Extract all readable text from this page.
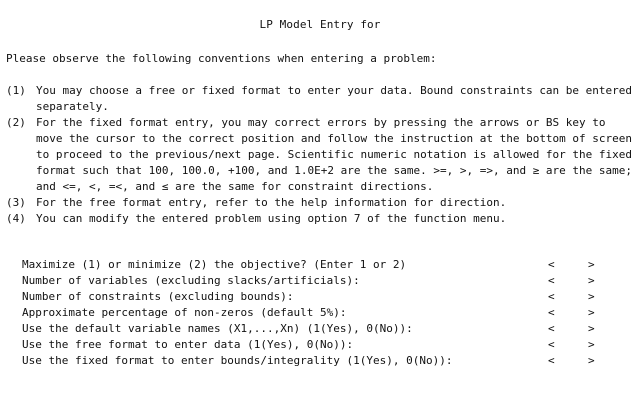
LP Model Entry for
Please observe the following conventions when entering a problem:
(1) You may choose a free or fixed format to enter your data. Bound constraints can be entered separately.
(2) For the fixed format entry, you may correct errors by pressing the arrows or BS key to move the cursor to the correct position and follow the instruction at the bottom of screen to proceed to the previous/next page. Scientific numeric notation is allowed for the fixed format such that 100, 100.0, +100, and 1.0E+2 are the same. >=, >, =>, and ≥ are the same; and <=, <, =<, and ≤ are the same for constraint directions.
(3) For the free format entry, refer to the help information for direction.
(4) You can modify the entered problem using option 7 of the function menu.
Maximize (1) or minimize (2) the objective? (Enter 1 or 2)	<	>
Number of variables (excluding slacks/artificials):	<	>
Number of constraints (excluding bounds):	<	>
Approximate percentage of non-zeros (default 5%):	<	>
Use the default variable names (X1,...,Xn) (1(Yes), 0(No)):	<	>
Use the free format to enter data (1(Yes), 0(No)):	<	>
Use the fixed format to enter bounds/integrality (1(Yes), 0(No)):	<	>
